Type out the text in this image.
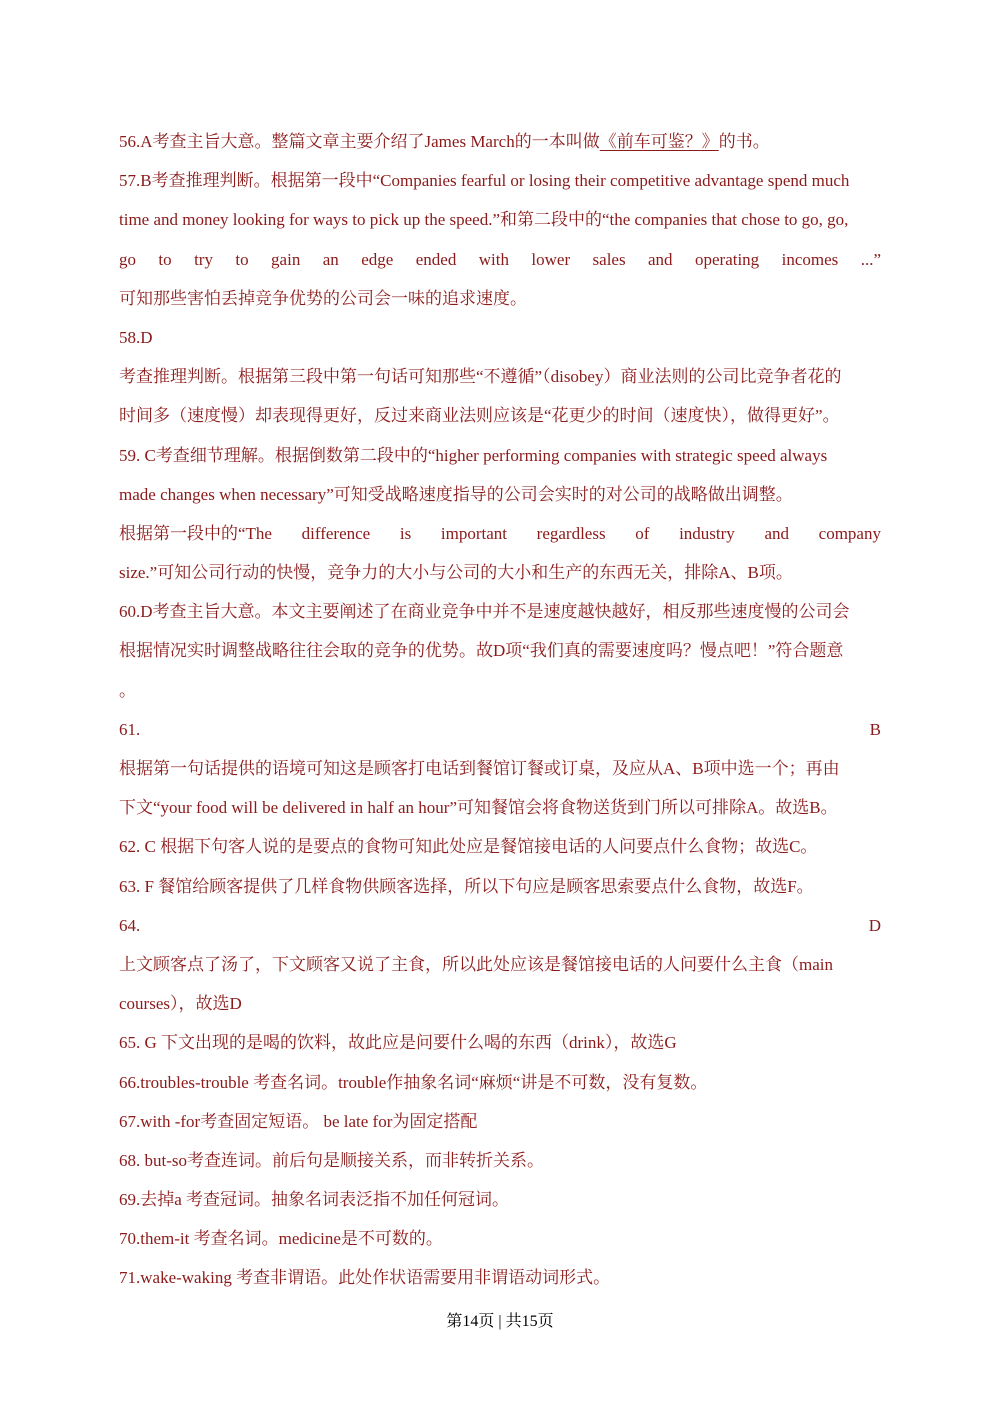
56.A考查主旨大意。整篇文章主要介绍了James March的一本叫做《前车可鉴？》的书。
57.B考查推理判断。根据第一段中“Companies fearful or losing their competitive advantage spend much
time and money looking for ways to pick up the speed.”和第二段中的“the companies that chose to go, go,
go to try to gain an edge ended with lower sales and operating incomes ...”
可知那些害怕丢掉竞争优势的公司会一味的追求速度。
58.D
考查推理判断。根据第三段中第一句话可知那些“不遵循”（disobey）商业法则的公司比竞争者花的
时间多（速度慢）却表现得更好，反过来商业法则应该是“花更少的时间（速度快），做得更好”。
59. C考查细节理解。根据倒数第二段中的“higher performing companies with strategic speed always
made changes when necessary”可知受战略速度指导的公司会实时的对公司的战略做出调整。
根据第一段中的“The difference is important regardless of industry and company
size.”可知公司行动的快慢，竞争力的大小与公司的大小和生产的东西无关，排除A、B项。
60.D考查主旨大意。本文主要阐述了在商业竞争中并不是速度越快越好，相反那些速度慢的公司会
根据情况实时调整战略往往会取的竞争的优势。故D项“我们真的需要速度吗？慢点吧！”符合题意
。
61.	B
根据第一句话提供的语境可知这是顾客打电话到餐馆订餐或订桌，及应从A、B项中选一个；再由
下文“your food will be delivered in half an hour”可知餐馆会将食物送货到门所以可排除A。故选B。
62. C 根据下句客人说的是要点的食物可知此处应是餐馆接电话的人问要点什么食物；故选C。
63. F 餐馆给顾客提供了几样食物供顾客选择，所以下句应是顾客思索要点什么食物，故选F。
64.	D
上文顾客点了汤了，下文顾客又说了主食，所以此处应该是餐馆接电话的人问要什么主食（main
courses），故选D
65. G 下文出现的是喝的饮料，故此应是问要什么喝的东西（drink），故选G
66.troubles-trouble 考查名词。trouble作抽象名词“麻烦“讲是不可数，没有复数。
67.with -for考查固定短语。 be late for为固定搭配
68. but-so考查连词。前后句是顺接关系，而非转折关系。
69.去掉a 考查冠词。抽象名词表泛指不加任何冠词。
70.them-it 考查名词。medicine是不可数的。
71.wake-waking 考查非谓语。此处作状语需要用非谓语动词形式。
第14页 | 共15页
